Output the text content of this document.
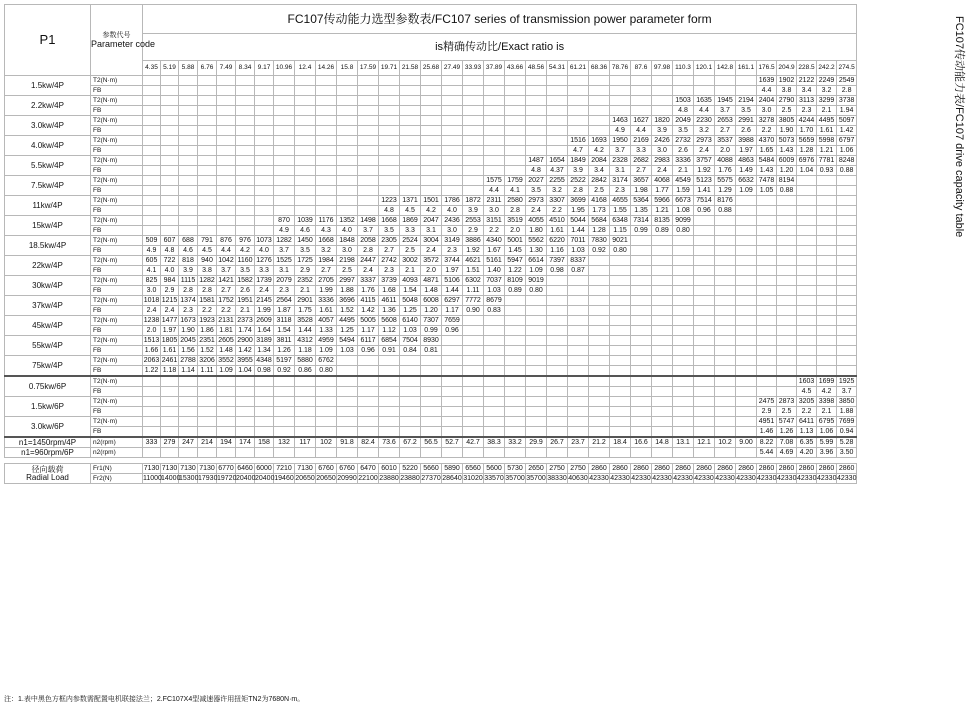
P1	参数代号
Parameter code	FC107传动能力选型参数表/FC107 series of transmission power parameter form																																		
		is精确传动比/Exact ratio is																																		
		4.35	5.19	5.88	6.76	7.49	8.34	9.17	10.96	12.4	14.26	15.8	17.59	19.71	21.58	25.68	27.49	33.93	37.89	43.66	48.56	54.31	61.21	68.36	78.76	87.6	97.98	110.3	120.1	142.8	161.1	176.5	204.9	228.5	242.2	274.5
1.5kw/4P	T2(N·m)																															1639	1902	2122	2249	2549
	FB																															4.4	3.8	3.4	3.2	2.8
2.2kw/4P	T2(N·m)																											1503	1635	1945	2194	2404	2790	3113	3299	3738
	FB																											4.8	4.4	3.7	3.5	3.0	2.5	2.3	2.1	1.94
3.0kw/4P	T2(N·m)																								1463	1627	1820	2049	2230	2653	2991	3278	3805	4244	4495	5097
	FB																								4.9	4.4	3.9	3.5	3.2	2.7	2.6	2.2	1.90	1.70	1.61	1.42
4.0kw/4P	T2(N·m)																						1516	1693	1950	2169	2426	2732	2973	3537	3988	4370	5073	5659	5998	6797
	FB																						4.7	4.2	3.7	3.3	3.0	2.6	2.4	2.0	1.97	1.65	1.43	1.28	1.21	1.06
5.5kw/4P	T2(N·m)																				1487	1654	1849	2084	2328	2682	2983	3336	3757	4088	4863	5484	6009	6976	7781	8248
	FB																				4.8	4.37	3.9	3.4	3.1	2.7	2.4	2.1	1.92	1.76	1.49	1.43	1.20	1.04	0.93	0.88
7.5kw/4P	T2(N·m)																		1575	1759	2027	2255	2522	2842	3174	3657	4068	4549	5123	5575	6632	7478	8194			
	FB																		4.4	4.1	3.5	3.2	2.8	2.5	2.3	1.98	1.77	1.59	1.41	1.29	1.09	1.05	0.88			
11kw/4P	T2(N·m)													1223	1371	1501	1786	1872	2311	2580	2973	3307	3699	4168	4655	5364	5966	6673	7514	8176						
	FB													4.8	4.5	4.2	4.0	3.9	3.0	2.8	2.4	2.2	1.95	1.73	1.55	1.35	1.21	1.08	0.96	0.88						
15kw/4P	T2(N·m)								870	1039	1176	1352	1498	1668	1869	2047	2436	2553	3151	3519	4055	4510	5044	5684	6348	7314	8135	9099								
	FB								4.9	4.6	4.3	4.0	3.7	3.5	3.3	3.1	3.0	2.9	2.2	2.0	1.80	1.61	1.44	1.28	1.15	0.99	0.89	0.80								
18.5kw/4P	T2(N·m)	509	607	688	791	876	976	1073	1282	1450	1668	1848	2058	2305	2524	3004	3149	3886	4340	5001	5562	6220	7011	7830	9021											
	FB	4.9	4.8	4.6	4.5	4.4	4.2	4.0	3.7	3.5	3.2	3.0	2.8	2.7	2.5	2.4	2.3	1.92	1.67	1.45	1.30	1.16	1.03	0.92	0.80											
22kw/4P	T2(N·m)	605	722	818	940	1042	1160	1276	1525	1725	1984	2198	2447	2742	3002	3572	3744	4621	5161	5947	6614	7397	8337													
	FB	4.1	4.0	3.9	3.8	3.7	3.5	3.3	3.1	2.9	2.7	2.5	2.4	2.3	2.1	2.0	1.97	1.51	1.40	1.22	1.09	0.98	0.87													
30kw/4P	T2(N·m)	825	984	1115	1282	1421	1582	1739	2079	2352	2705	2997	3337	3739	4093	4871	5106	6302	7037	8109	9019															
	FB	3.0	2.9	2.8	2.8	2.7	2.6	2.4	2.3	2.1	1.99	1.88	1.76	1.68	1.54	1.48	1.44	1.11	1.03	0.89	0.80															
37kw/4P	T2(N·m)	1018	1215	1374	1581	1752	1951	2145	2564	2901	3336	3696	4115	4611	5048	6008	6297	7772	8679																	
	FB	2.4	2.4	2.3	2.2	2.2	2.1	1.99	1.87	1.75	1.61	1.52	1.42	1.36	1.25	1.20	1.17	0.90	0.83																	
45kw/4P	T2(N·m)	1238	1477	1673	1923	2131	2373	2609	3118	3528	4057	4495	5005	5608	6140	7307	7659																			
	FB	2.0	1.97	1.90	1.86	1.81	1.74	1.64	1.54	1.44	1.33	1.25	1.17	1.12	1.03	0.99	0.96																			
55kw/4P	T2(N·m)	1513	1805	2045	2351	2605	2900	3189	3811	4312	4959	5494	6117	6854	7504	8930																				
	FB	1.66	1.61	1.56	1.52	1.48	1.42	1.34	1.26	1.18	1.09	1.03	0.96	0.91	0.84	0.81																				
75kw/4P	T2(N·m)	2063	2461	2788	3206	3552	3955	4348	5197	5880	6762																									
	FB	1.22	1.18	1.14	1.11	1.09	1.04	0.98	0.92	0.86	0.80																									
0.75kw/6P	T2(N·m)																																	1603	1699	1925
	FB																																	4.5	4.2	3.7
1.5kw/6P	T2(N·m)																															2475	2873	3205	3398	3850
	FB																															2.9	2.5	2.2	2.1	1.88
3.0kw/6P	T2(N·m)																															4951	5747	6411	6795	7699
	FB																															1.46	1.26	1.13	1.06	0.94
n1=1450rpm/4P	n2(rpm)	333	279	247	214	194	174	158	132	117	102	91.8	82.4	73.6	67.2	56.5	52.7	42.7	38.3	33.2	29.9	26.7	23.7	21.2	18.4	16.6	14.8	13.1	12.1	10.2	9.00	8.22	7.08	6.35	5.99	5.28
n1=960rpm/6P	n2(rpm)																															5.44	4.69	4.20	3.96	3.50

径向载荷
Radial Load	Fr1(N)	7130	7130	7130	7130	6770	6460	6000	7210	7130	6760	6760	6470	6010	5220	5660	5890	6560	5600	5730	2650	2750	2750	2860	2860	2860	2860	2860	2860	2860	2860	2860	2860	2860	2860	2860
	Fr2(N)	11000	14000	15300	17930	19720	20400	20400	19460	20650	20650	20990	22100	23880	23880	27370	28640	31020	33570	35700	35700	38330	40630	42330	42330	42330	42330	42330	42330	42330	42330	42330	42330	42330	42330	42330
FC107传动能力表/FC107 drive capacity table
注：1.表中黑色方框内参数需配置电机联接法兰；2.FC107X4型减速器许用扭矩TN2为7680N·m。
